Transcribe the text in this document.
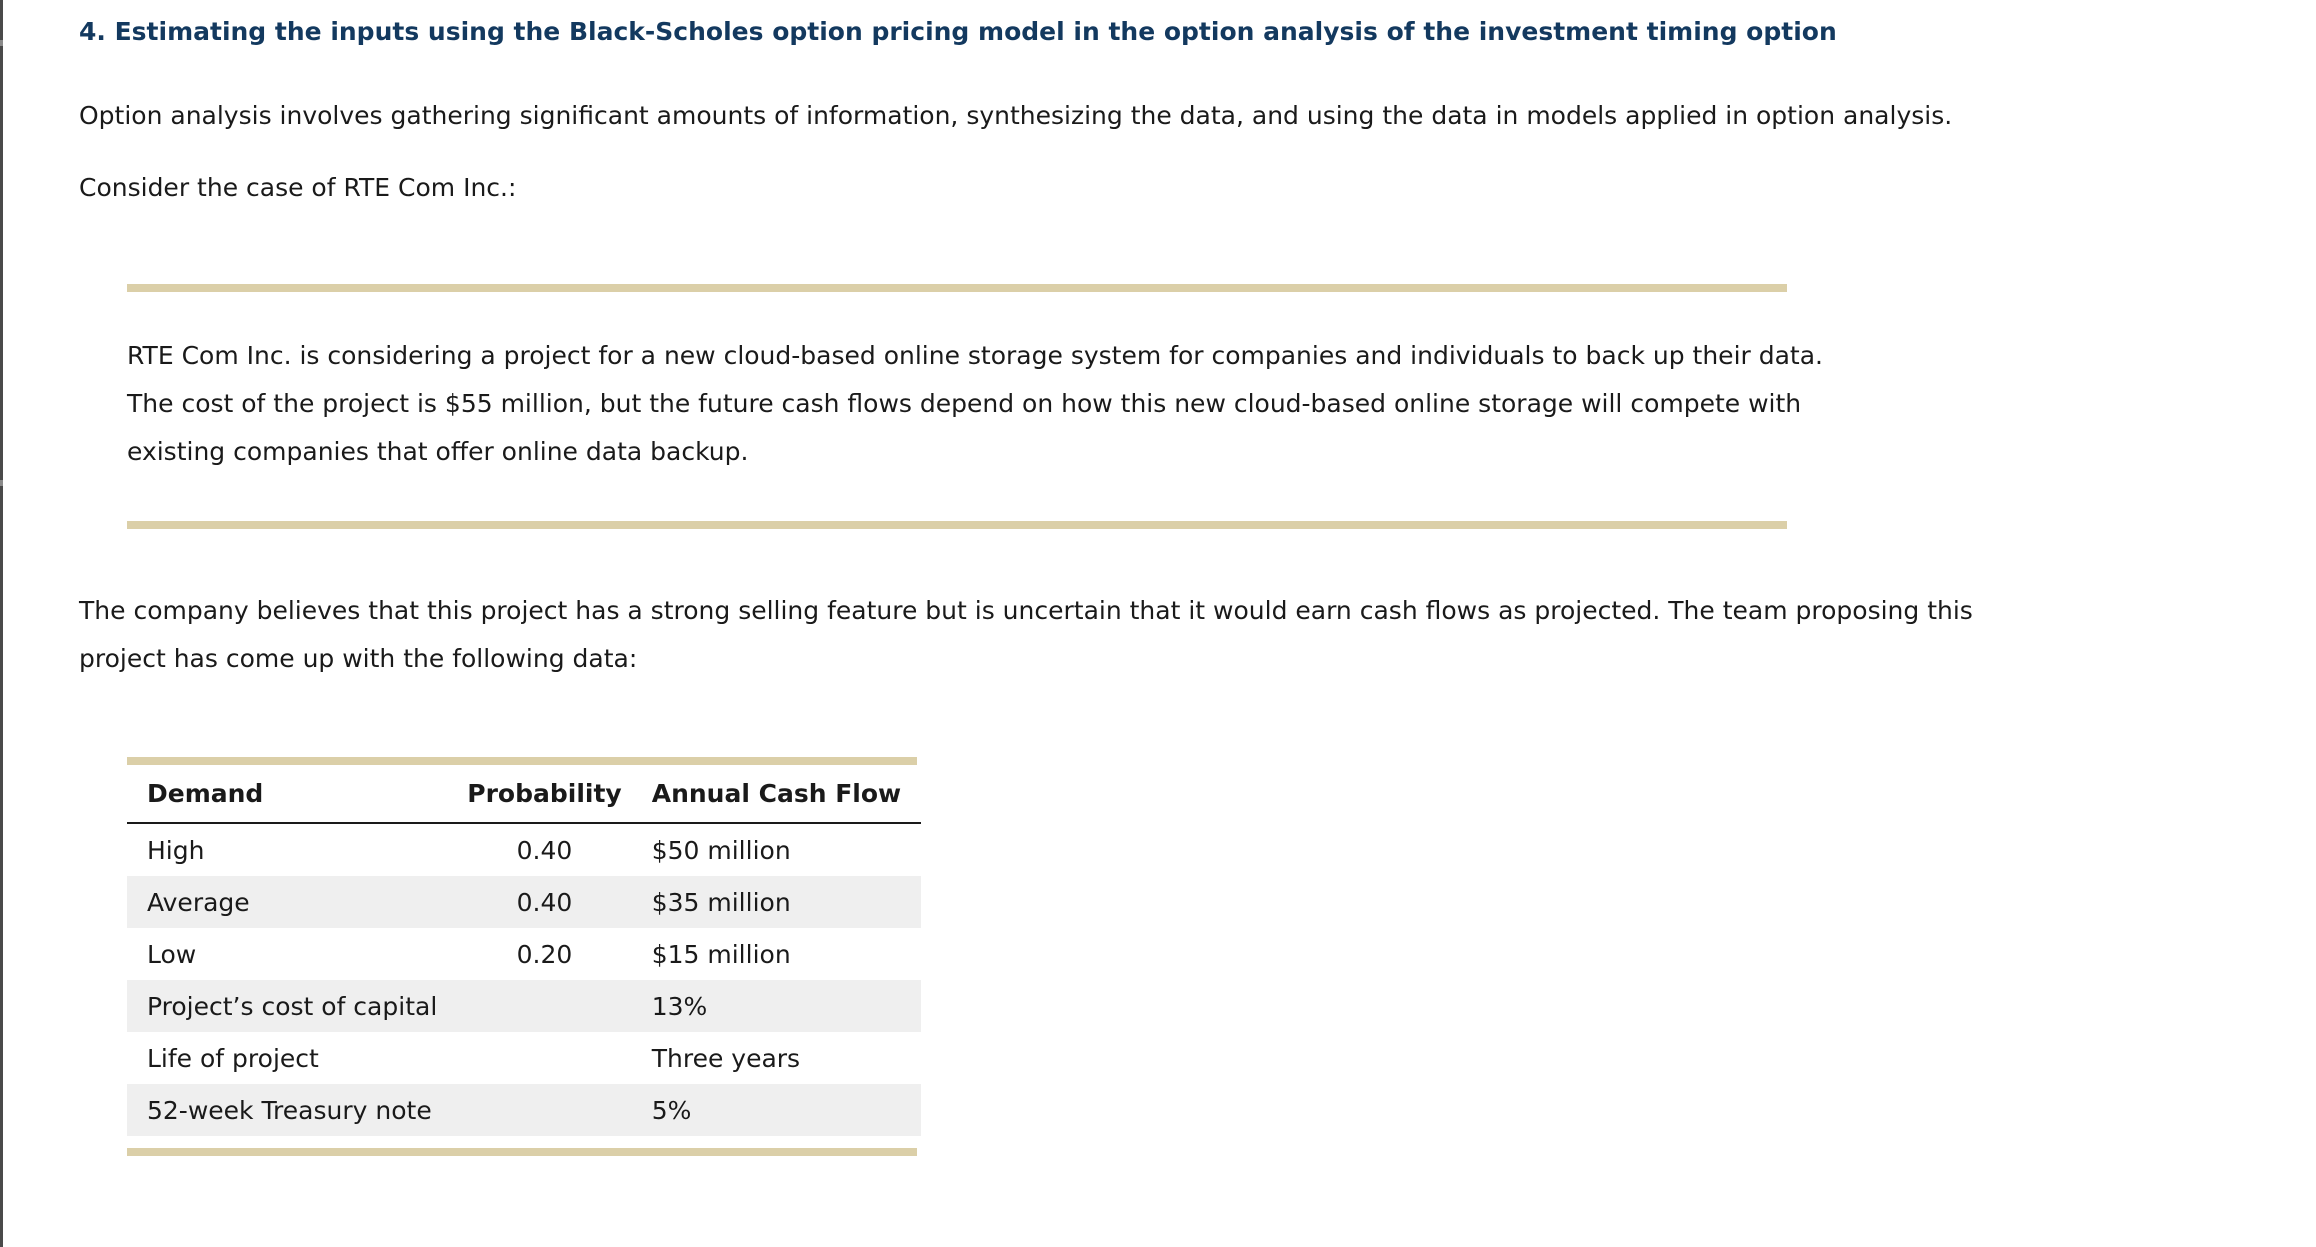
4. Estimating the inputs using the Black-Scholes option pricing model in the option analysis of the investment timing option

Option analysis involves gathering significant amounts of information, synthesizing the data, and using the data in models applied in option analysis.

Consider the case of RTE Com Inc.:

RTE Com Inc. is considering a project for a new cloud-based online storage system for companies and individuals to back up their data.
The cost of the project is $55 million, but the future cash flows depend on how this new cloud-based online storage will compete with
existing companies that offer online data backup.
The company believes that this project has a strong selling feature but is uncertain that it would earn cash flows as projected. The team proposing this
project has come up with the following data:
Demand	Probability	Annual Cash Flow
High	0.40	$50 million
Average	0.40	$35 million
Low	0.20	$15 million
Project’s cost of capital		13%
Life of project		Three years
52-week Treasury note		5%
